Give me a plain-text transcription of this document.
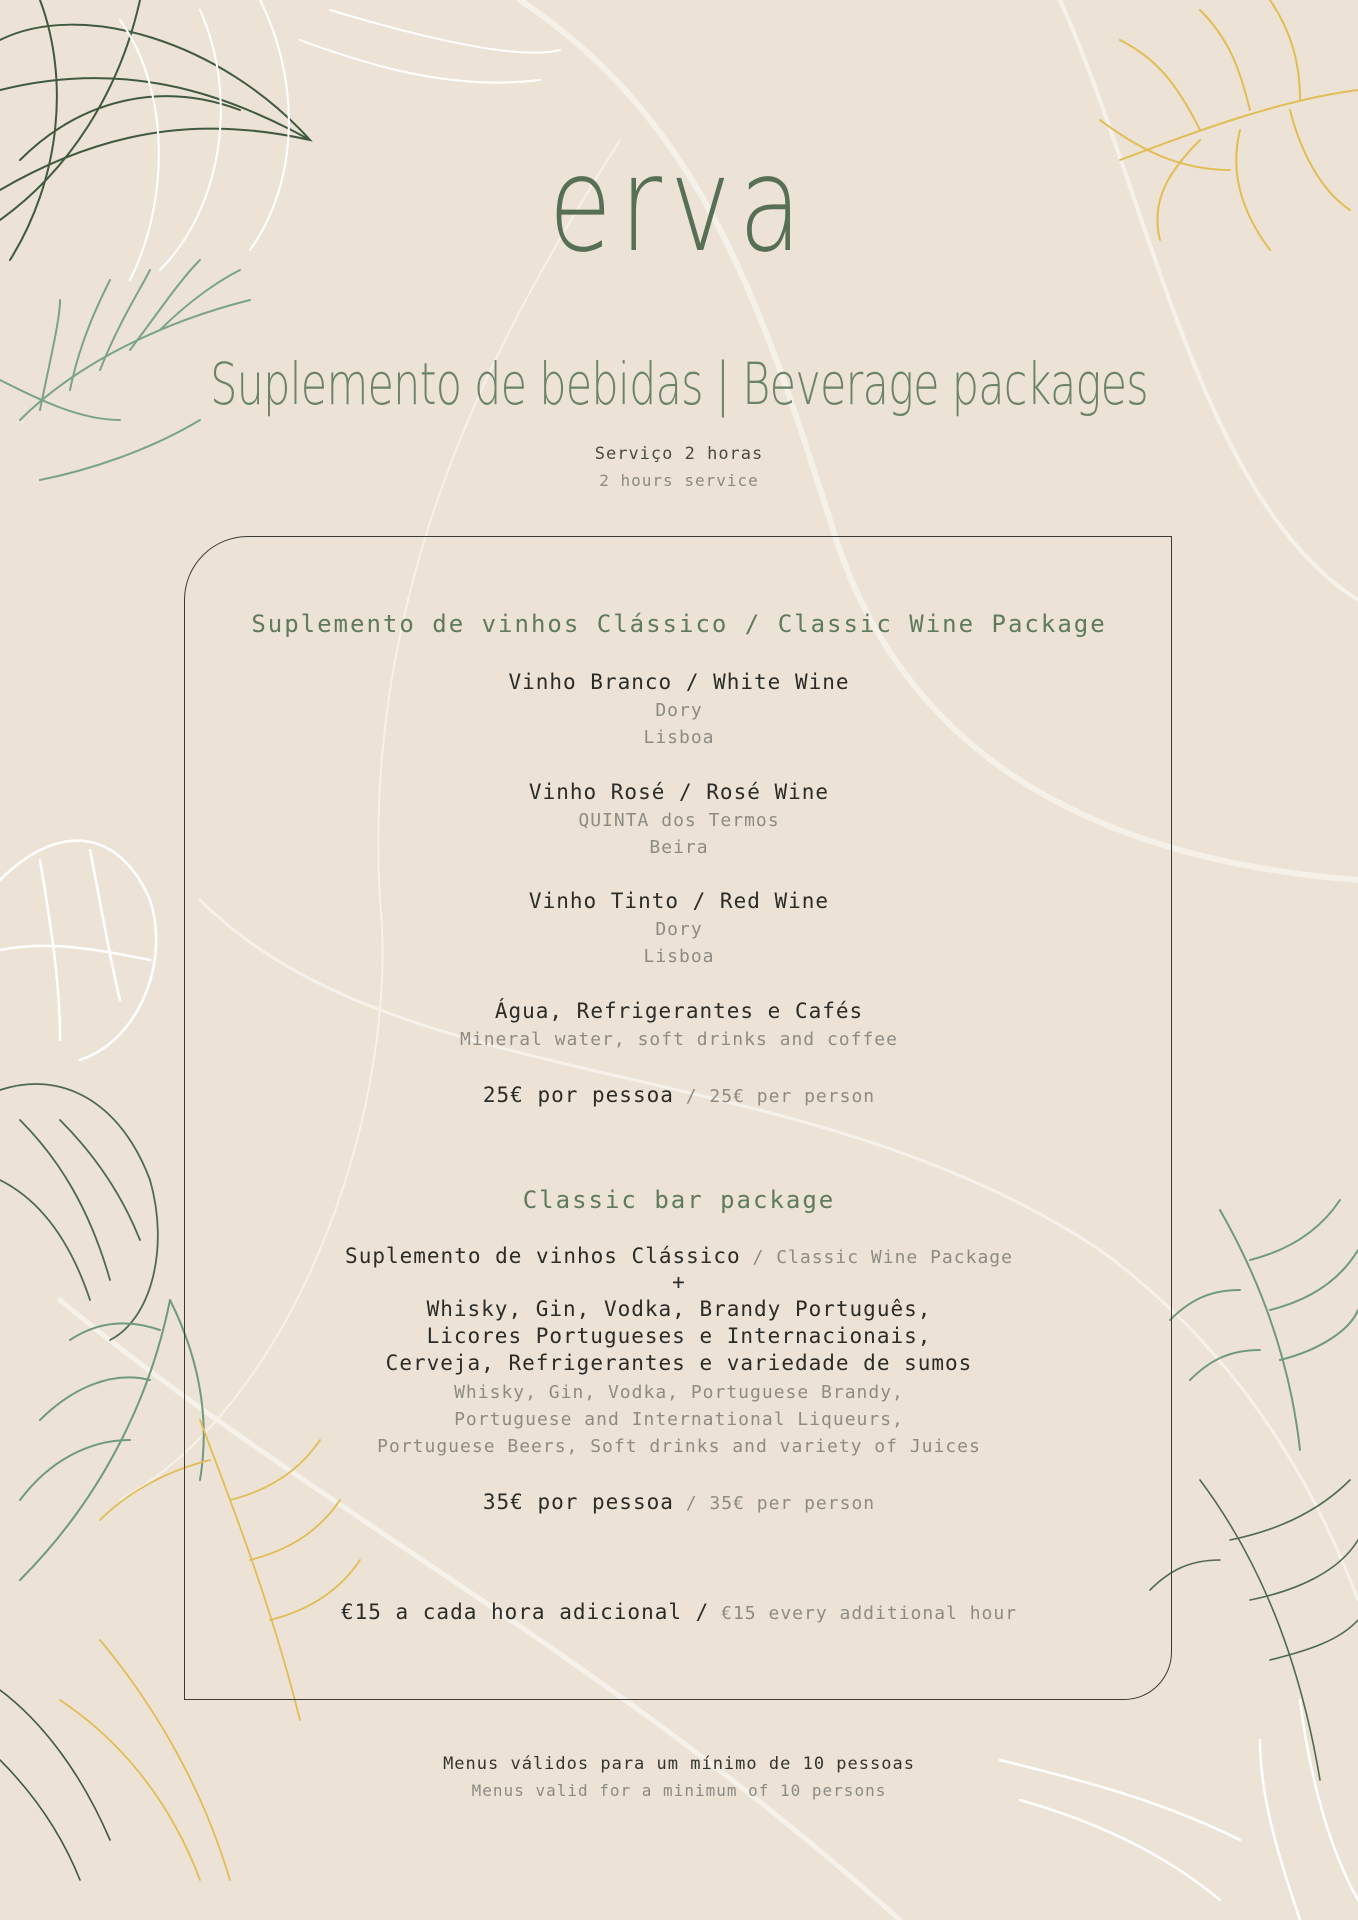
erva
Suplemento de bebidas | Beverage packages
Serviço 2 horas
2 hours service
Suplemento de vinhos Clássico / Classic Wine Package
Vinho Branco / White Wine
Dory
Lisboa
Vinho Rosé / Rosé Wine
QUINTA dos Termos
Beira
Vinho Tinto / Red Wine
Dory
Lisboa
Água, Refrigerantes e Cafés
Mineral water, soft drinks and coffee
25€ por pessoa / 25€ per person
Classic bar package
Suplemento de vinhos Clássico / Classic Wine Package
+
Whisky, Gin, Vodka, Brandy Português,
Licores Portugueses e Internacionais,
Cerveja, Refrigerantes e variedade de sumos
Whisky, Gin, Vodka, Portuguese Brandy,
Portuguese and International Liqueurs,
Portuguese Beers, Soft drinks and variety of Juices
35€ por pessoa / 35€ per person
€15 a cada hora adicional / €15 every additional hour
Menus válidos para um mínimo de 10 pessoas
Menus valid for a minimum of 10 persons
